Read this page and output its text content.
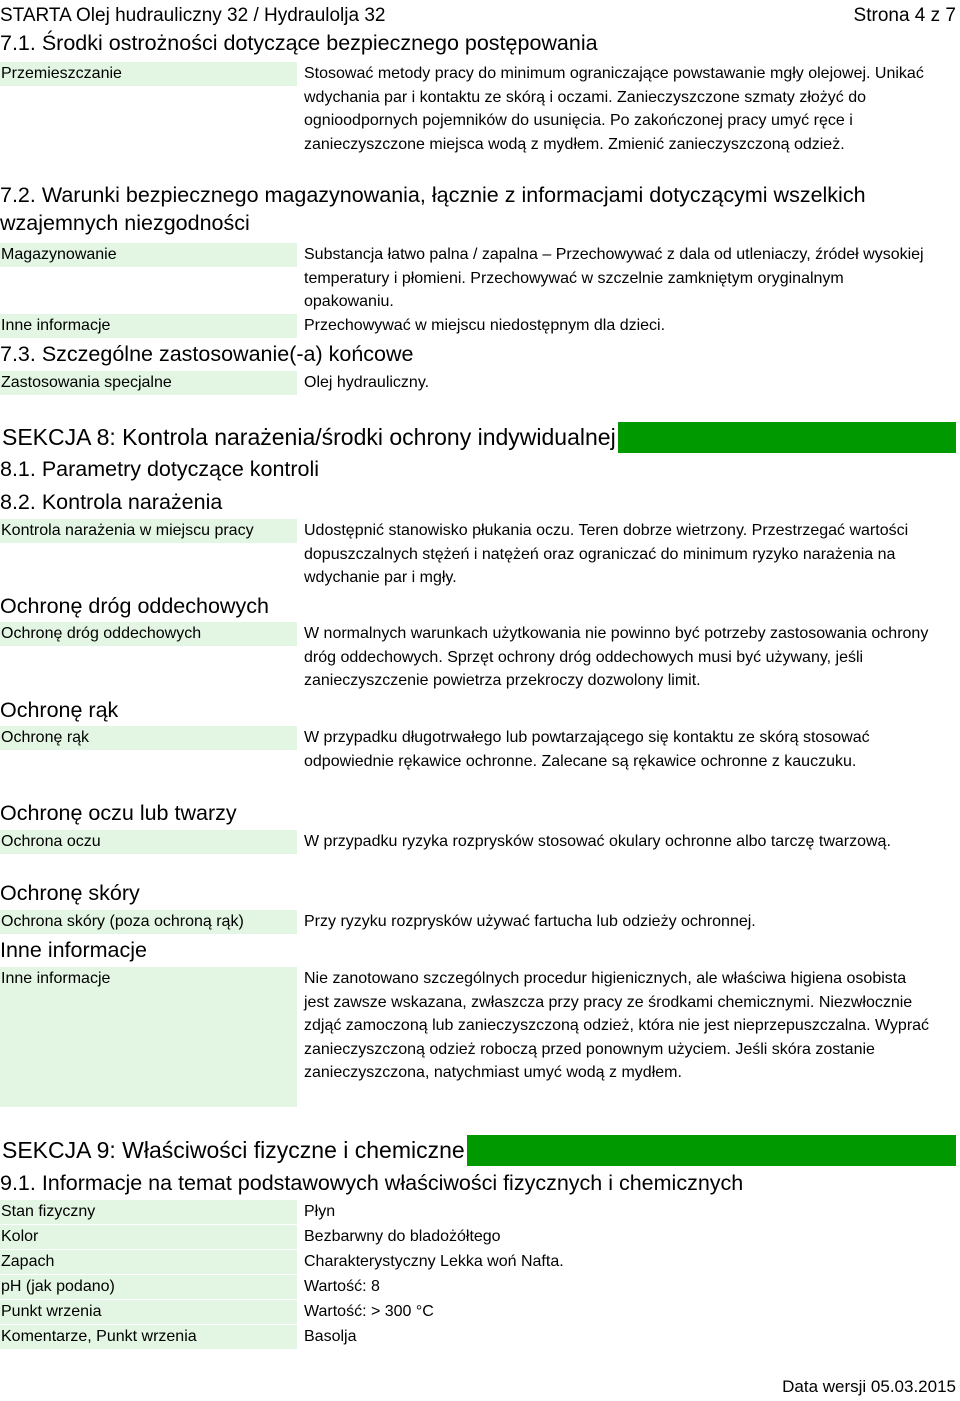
STARTA Olej hudrauliczny 32 / Hydraulolja 32	Strona 4 z 7
7.1. Środki ostrożności dotyczące bezpiecznego postępowania
Przemieszczanie	Stosować metody pracy do minimum ograniczające powstawanie mgły olejowej. Unikać wdychania par i kontaktu ze skórą i oczami. Zanieczyszczone szmaty złożyć do ognioodpornych pojemników do usunięcia. Po zakończonej pracy umyć ręce i zanieczyszczone miejsca wodą z mydłem. Zmienić zanieczyszczoną odzież.
7.2. Warunki bezpiecznego magazynowania, łącznie z informacjami dotyczącymi wszelkich wzajemnych niezgodności
Magazynowanie	Substancja łatwo palna / zapalna – Przechowywać z dala od utleniaczy, źródeł wysokiej temperatury i płomieni. Przechowywać w szczelnie zamkniętym oryginalnym opakowaniu.
Inne informacje	Przechowywać w miejscu niedostępnym dla dzieci.
7.3. Szczególne zastosowanie(-a) końcowe
Zastosowania specjalne	Olej hydrauliczny.
SEKCJA 8: Kontrola narażenia/środki ochrony indywidualnej
8.1. Parametry dotyczące kontroli
8.2. Kontrola narażenia
Kontrola narażenia w miejscu pracy	Udostępnić stanowisko płukania oczu. Teren dobrze wietrzony. Przestrzegać wartości dopuszczalnych stężeń i natężeń oraz ograniczać do minimum ryzyko narażenia na wdychanie par i mgły.
Ochronę dróg oddechowych
Ochronę dróg oddechowych	W normalnych warunkach użytkowania nie powinno być potrzeby zastosowania ochrony dróg oddechowych. Sprzęt ochrony dróg oddechowych musi być używany, jeśli zanieczyszczenie powietrza przekroczy dozwolony limit.
Ochronę rąk
Ochronę rąk	W przypadku długotrwałego lub powtarzającego się kontaktu ze skórą stosować odpowiednie rękawice ochronne. Zalecane są rękawice ochronne z kauczuku.
Ochronę oczu lub twarzy
Ochrona oczu	W przypadku ryzyka rozprysków stosować okulary ochronne albo tarczę twarzową.
Ochronę skóry
Ochrona skóry (poza ochroną rąk)	Przy ryzyku rozprysków używać fartucha lub odzieży ochronnej.
Inne informacje
Inne informacje	Nie zanotowano szczególnych procedur higienicznych, ale właściwa higiena osobista jest zawsze wskazana, zwłaszcza przy pracy ze środkami chemicznymi. Niezwłocznie zdjąć zamoczoną lub zanieczyszczoną odzież, która nie jest nieprzepuszczalna. Wyprać zanieczyszczoną odzież roboczą przed ponownym użyciem. Jeśli skóra zostanie zanieczyszczona, natychmiast umyć wodą z mydłem.
SEKCJA 9: Właściwości fizyczne i chemiczne
9.1. Informacje na temat podstawowych właściwości fizycznych i chemicznych
Stan fizyczny	Płyn
Kolor	Bezbarwny do bladożółtego
Zapach	Charakterystyczny Lekka woń Nafta.
pH (jak podano)	Wartość: 8
Punkt wrzenia	Wartość: > 300 °C
Komentarze, Punkt wrzenia	Basolja
Data wersji 05.03.2015
